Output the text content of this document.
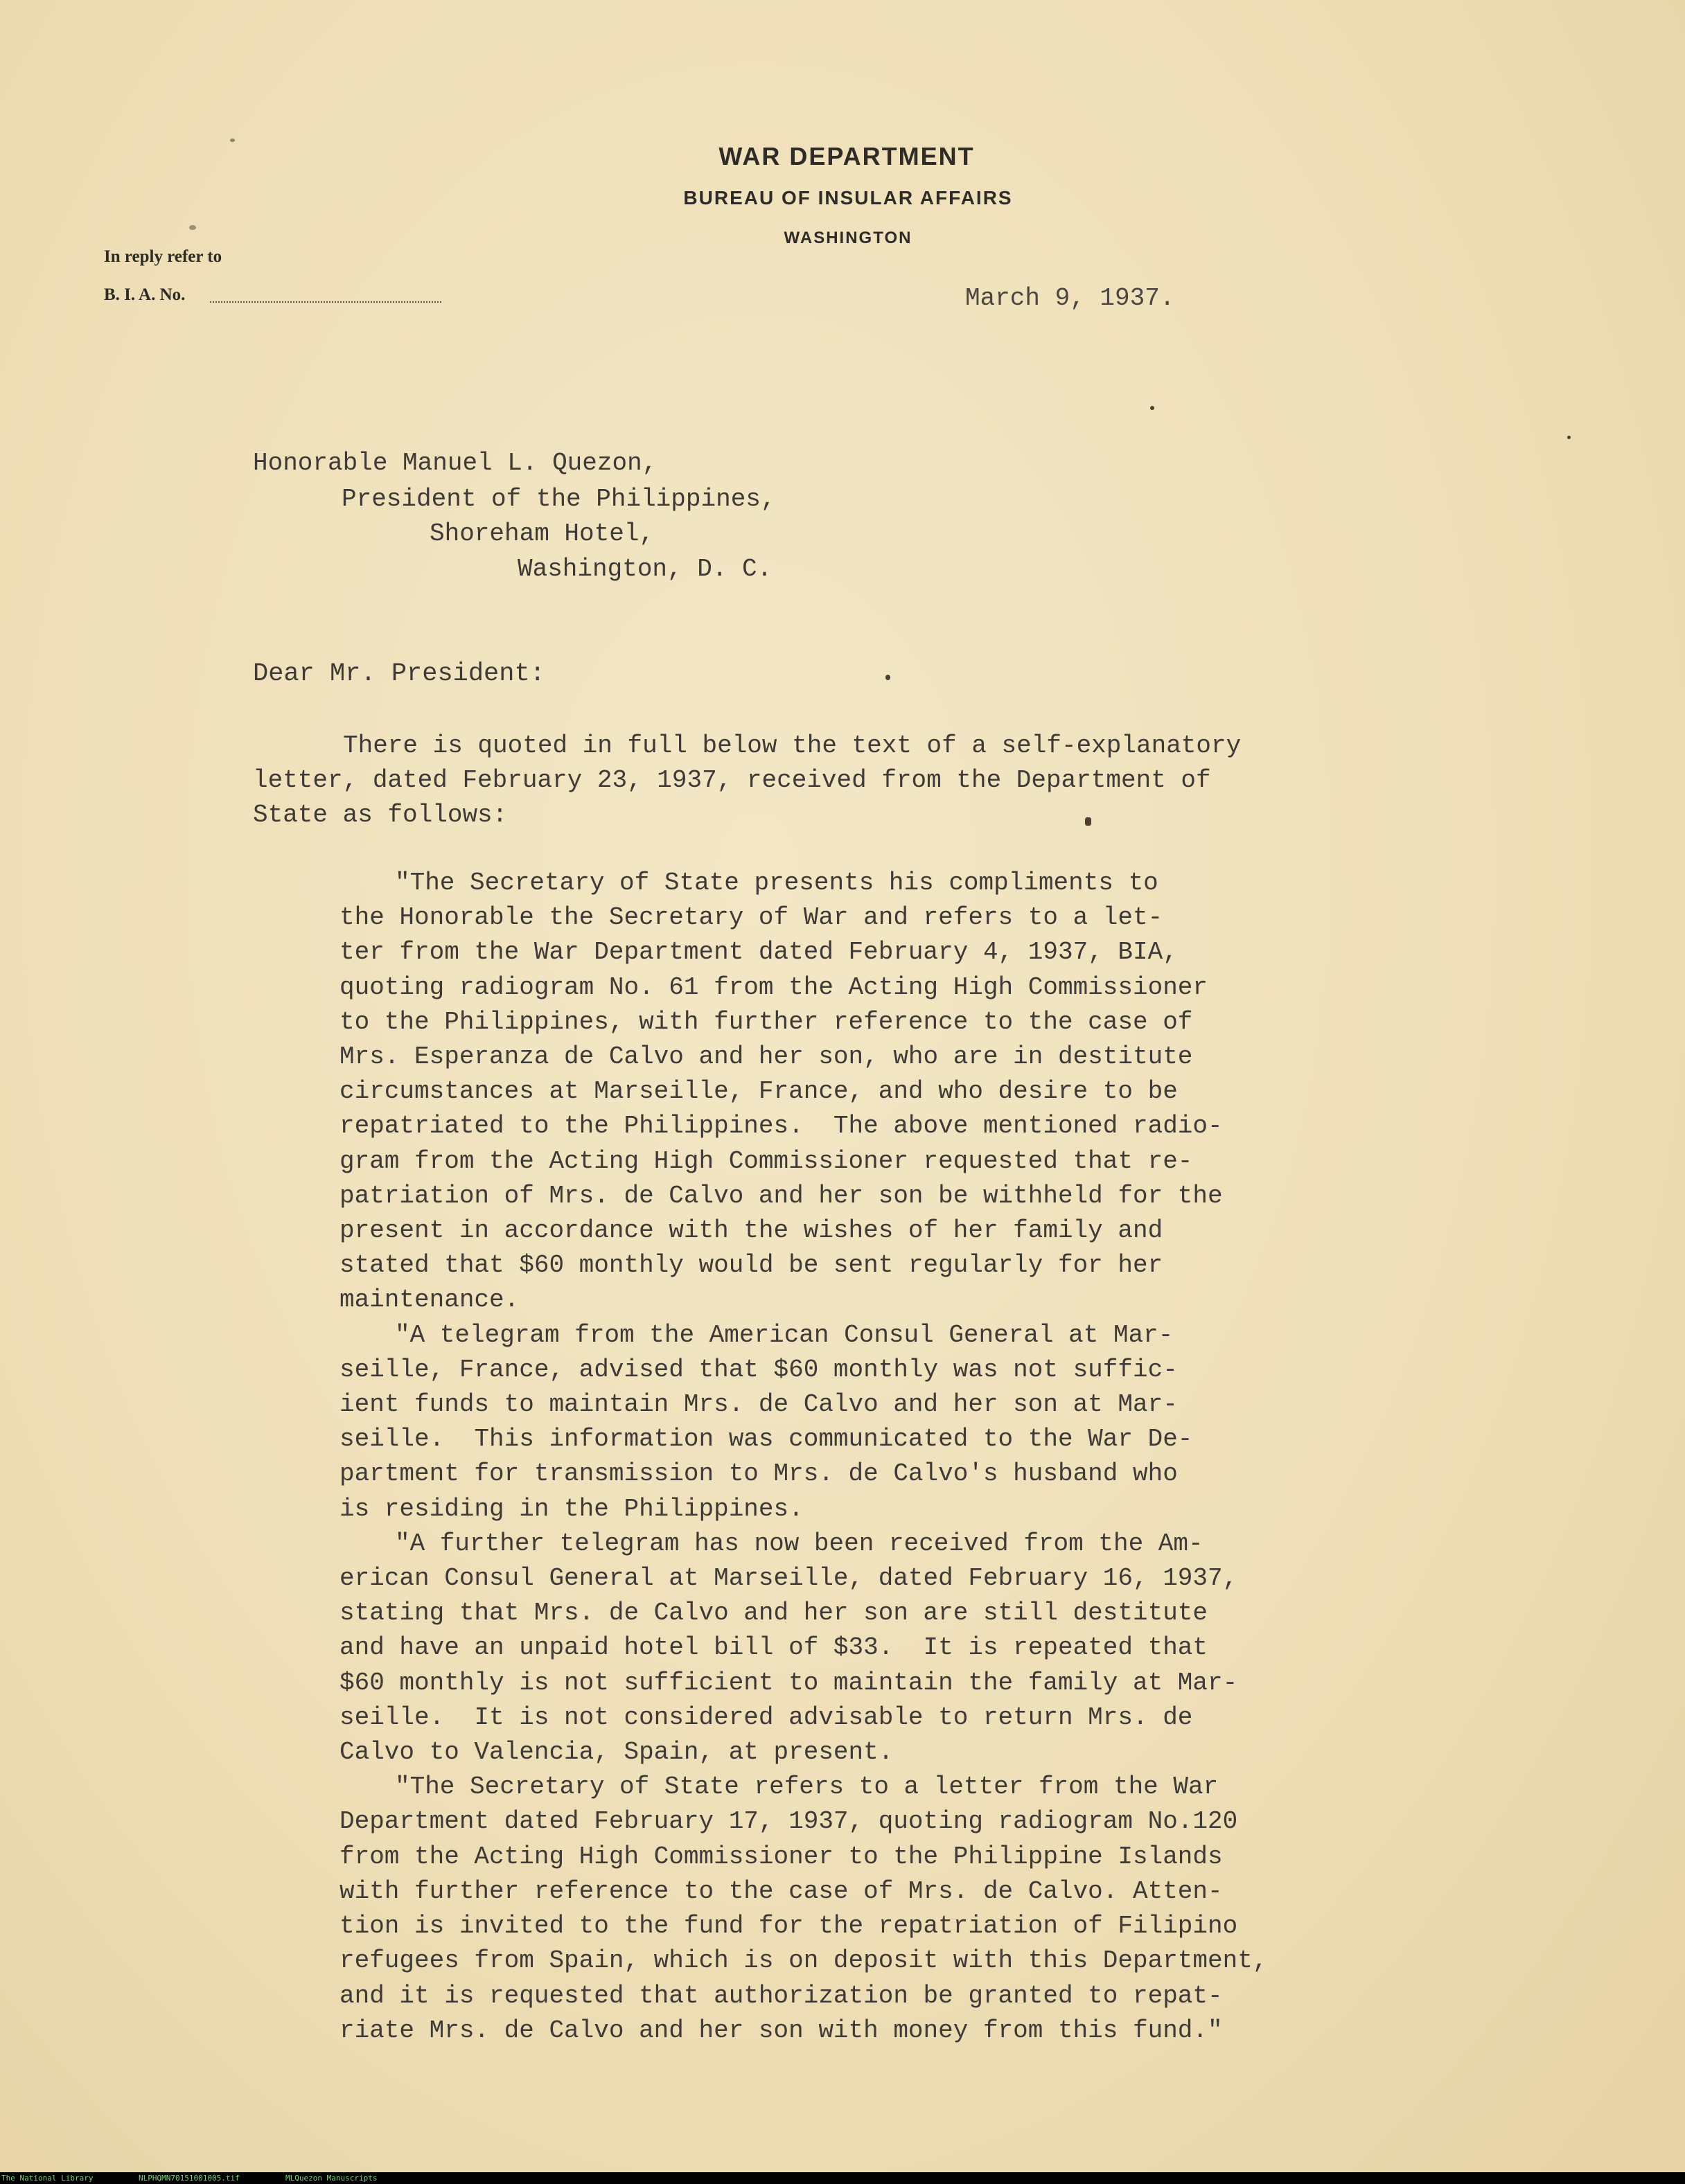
WAR DEPARTMENT
BUREAU OF INSULAR AFFAIRS
WASHINGTON
In reply refer to
B. I. A. No.	March 9, 1937.
Honorable Manuel L. Quezon,
President of the Philippines,
Shoreham Hotel,
Washington, D. C.
Dear Mr. President:
There is quoted in full below the text of a self-explanatory
letter, dated February 23, 1937, received from the Department of
State as follows:
"The Secretary of State presents his compliments to
the Honorable the Secretary of War and refers to a let-
ter from the War Department dated February 4, 1937, BIA,
quoting radiogram No. 61 from the Acting High Commissioner
to the Philippines, with further reference to the case of
Mrs. Esperanza de Calvo and her son, who are in destitute
circumstances at Marseille, France, and who desire to be
repatriated to the Philippines.  The above mentioned radio-
gram from the Acting High Commissioner requested that re-
patriation of Mrs. de Calvo and her son be withheld for the
present in accordance with the wishes of her family and
stated that $60 monthly would be sent regularly for her
maintenance.
"A telegram from the American Consul General at Mar-
seille, France, advised that $60 monthly was not suffic-
ient funds to maintain Mrs. de Calvo and her son at Mar-
seille.  This information was communicated to the War De-
partment for transmission to Mrs. de Calvo's husband who
is residing in the Philippines.
"A further telegram has now been received from the Am-
erican Consul General at Marseille, dated February 16, 1937,
stating that Mrs. de Calvo and her son are still destitute
and have an unpaid hotel bill of $33.  It is repeated that
$60 monthly is not sufficient to maintain the family at Mar-
seille.  It is not considered advisable to return Mrs. de
Calvo to Valencia, Spain, at present.
"The Secretary of State refers to a letter from the War
Department dated February 17, 1937, quoting radiogram No.120
from the Acting High Commissioner to the Philippine Islands
with further reference to the case of Mrs. de Calvo. Atten-
tion is invited to the fund for the repatriation of Filipino
refugees from Spain, which is on deposit with this Department,
and it is requested that authorization be granted to repat-
riate Mrs. de Calvo and her son with money from this fund."
The National Library	NLPHQMN70151001005.tif	MLQuezon Manuscripts
